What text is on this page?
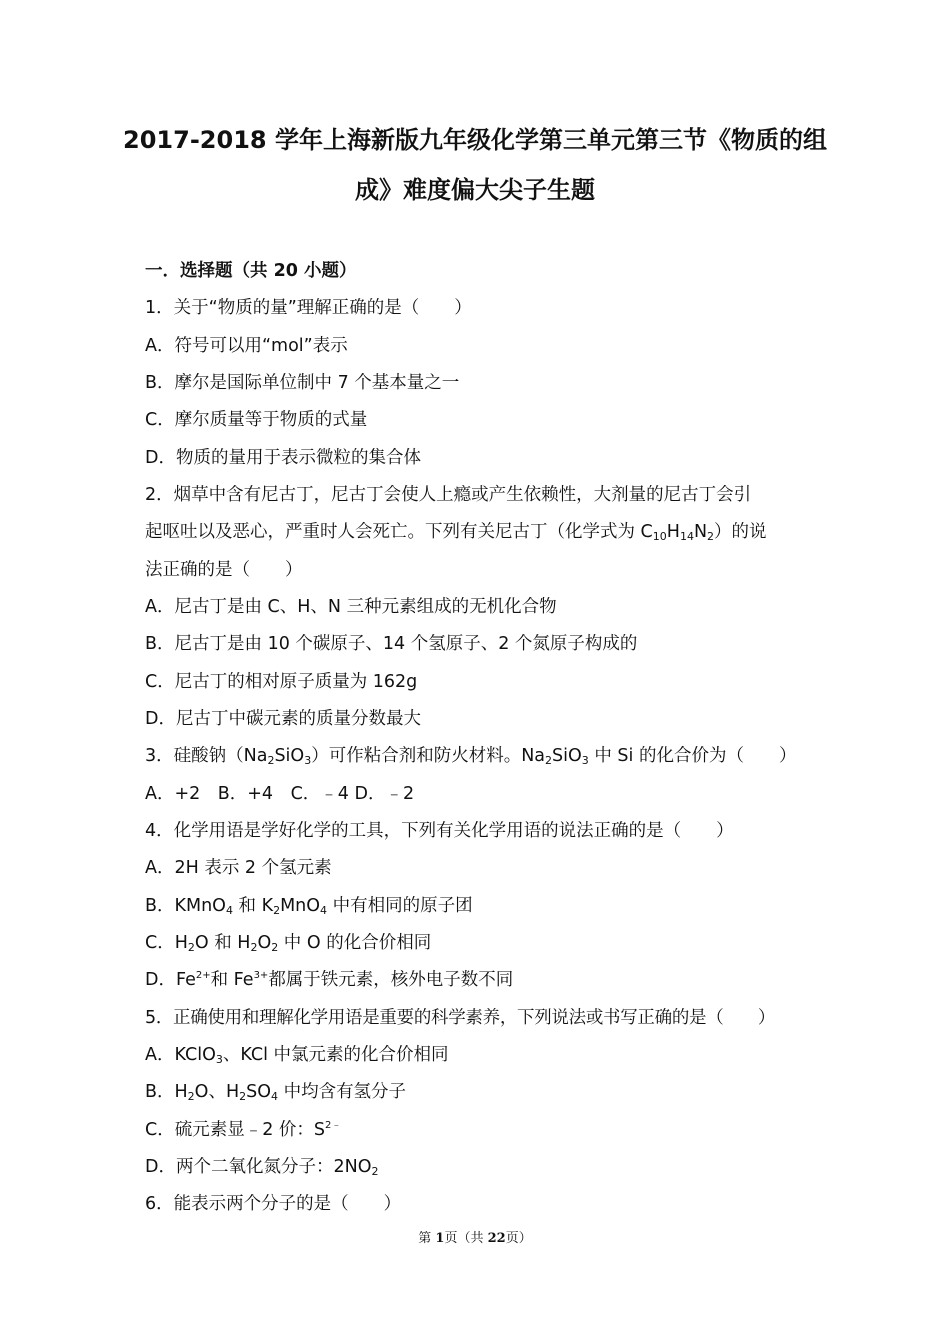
2017-2018 学年上海新版九年级化学第三单元第三节《物质的组
成》难度偏大尖子生题
一．选择题（共 20 小题）
1．关于“物质的量”理解正确的是（　　）
A．符号可以用“mol”表示
B．摩尔是国际单位制中 7 个基本量之一
C．摩尔质量等于物质的式量
D．物质的量用于表示微粒的集合体
2．烟草中含有尼古丁，尼古丁会使人上瘾或产生依赖性，大剂量的尼古丁会引
起呕吐以及恶心，严重时人会死亡。下列有关尼古丁（化学式为 $C_{10}H_{14}N_2$）的说
法正确的是（　　）
A．尼古丁是由 C、H、N 三种元素组成的无机化合物
B．尼古丁是由 10 个碳原子、14 个氢原子、2 个氮原子构成的
C．尼古丁的相对原子质量为 162g
D．尼古丁中碳元素的质量分数最大
3．硅酸钠$(Na_2SiO_3)$可作粘合剂和防火材料。$Na_2SiO_3$ 中 Si 的化合价为（　　）
A．+2　B．+4　C．﹣4 D．﹣2
4．化学用语是学好化学的工具，下列有关化学用语的说法正确的是（　　）
A．2H 表示 2 个氢元素
B．KMnO$_4$ 和 $K_2MnO_4$ 中有相同的原子团
C．$H_2O$ 和 $H_2O_2$ 中 O 的化合价相同
D．$Fe^{2+}$和 $Fe^{3+}$都属于铁元素，核外电子数不同
5．正确使用和理解化学用语是重要的科学素养，下列说法或书写正确的是（　　）
A．KClO$_3$、KCl 中氯元素的化合价相同
B．$H_2O$、$H_2SO_4$ 中均含有氢分子
C．硫元素显﹣2 价：$S^{2﹣}$
D．两个二氧化氮分子：$2NO_2$
6．能表示两个分子的是（　　）
第 1页（共 22页）
